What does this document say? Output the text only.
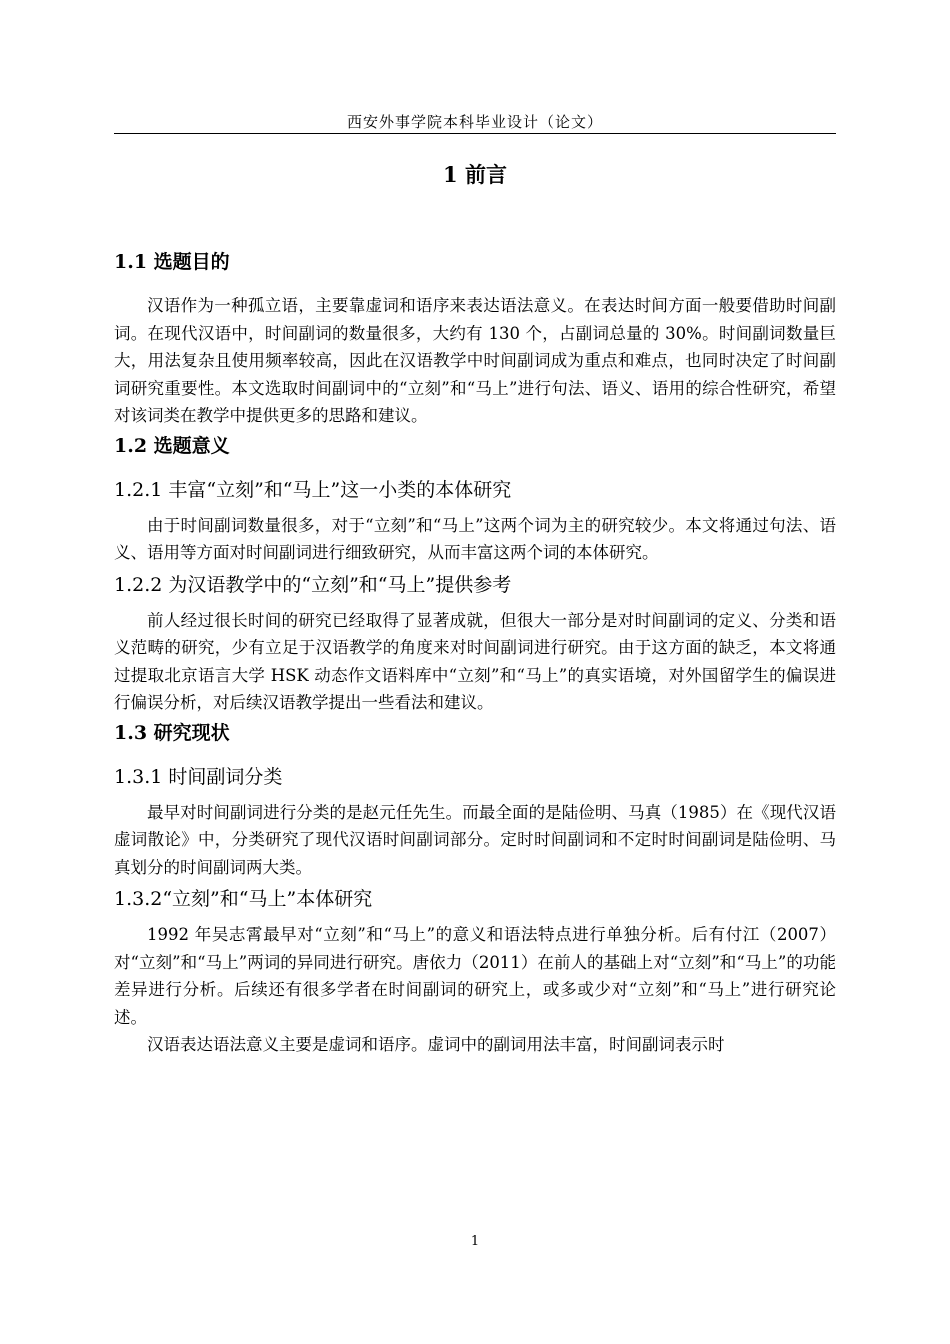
西安外事学院本科毕业设计（论文）
1 前言
1.1 选题目的

汉语作为一种孤立语，主要靠虚词和语序来表达语法意义。在表达时间方面一般要借助时间副词。在现代汉语中，时间副词的数量很多，大约有 130 个，占副词总量的 30%。时间副词数量巨大，用法复杂且使用频率较高，因此在汉语教学中时间副词成为重点和难点，也同时决定了时间副词研究重要性。本文选取时间副词中的“立刻”和“马上”进行句法、语义、语用的综合性研究，希望对该词类在教学中提供更多的思路和建议。

1.2 选题意义
1.2.1 丰富“立刻”和“马上”这一小类的本体研究

由于时间副词数量很多，对于“立刻”和“马上”这两个词为主的研究较少。本文将通过句法、语义、语用等方面对时间副词进行细致研究，从而丰富这两个词的本体研究。

1.2.2 为汉语教学中的“立刻”和“马上”提供参考

前人经过很长时间的研究已经取得了显著成就，但很大一部分是对时间副词的定义、分类和语义范畴的研究，少有立足于汉语教学的角度来对时间副词进行研究。由于这方面的缺乏，本文将通过提取北京语言大学 HSK 动态作文语料库中“立刻”和“马上”的真实语境，对外国留学生的偏误进行偏误分析，对后续汉语教学提出一些看法和建议。

1.3 研究现状
1.3.1 时间副词分类

最早对时间副词进行分类的是赵元任先生。而最全面的是陆俭明、马真（1985）在《现代汉语虚词散论》中，分类研究了现代汉语时间副词部分。定时时间副词和不定时时间副词是陆俭明、马真划分的时间副词两大类。

1.3.2“立刻”和“马上”本体研究

1992 年吴志霄最早对“立刻”和“马上”的意义和语法特点进行单独分析。后有付江（2007）对“立刻”和“马上”两词的异同进行研究。唐依力（2011）在前人的基础上对“立刻”和“马上”的功能差异进行分析。后续还有很多学者在时间副词的研究上，或多或少对“立刻”和“马上”进行研究论述。

汉语表达语法意义主要是虚词和语序。虚词中的副词用法丰富，时间副词表示时

1
